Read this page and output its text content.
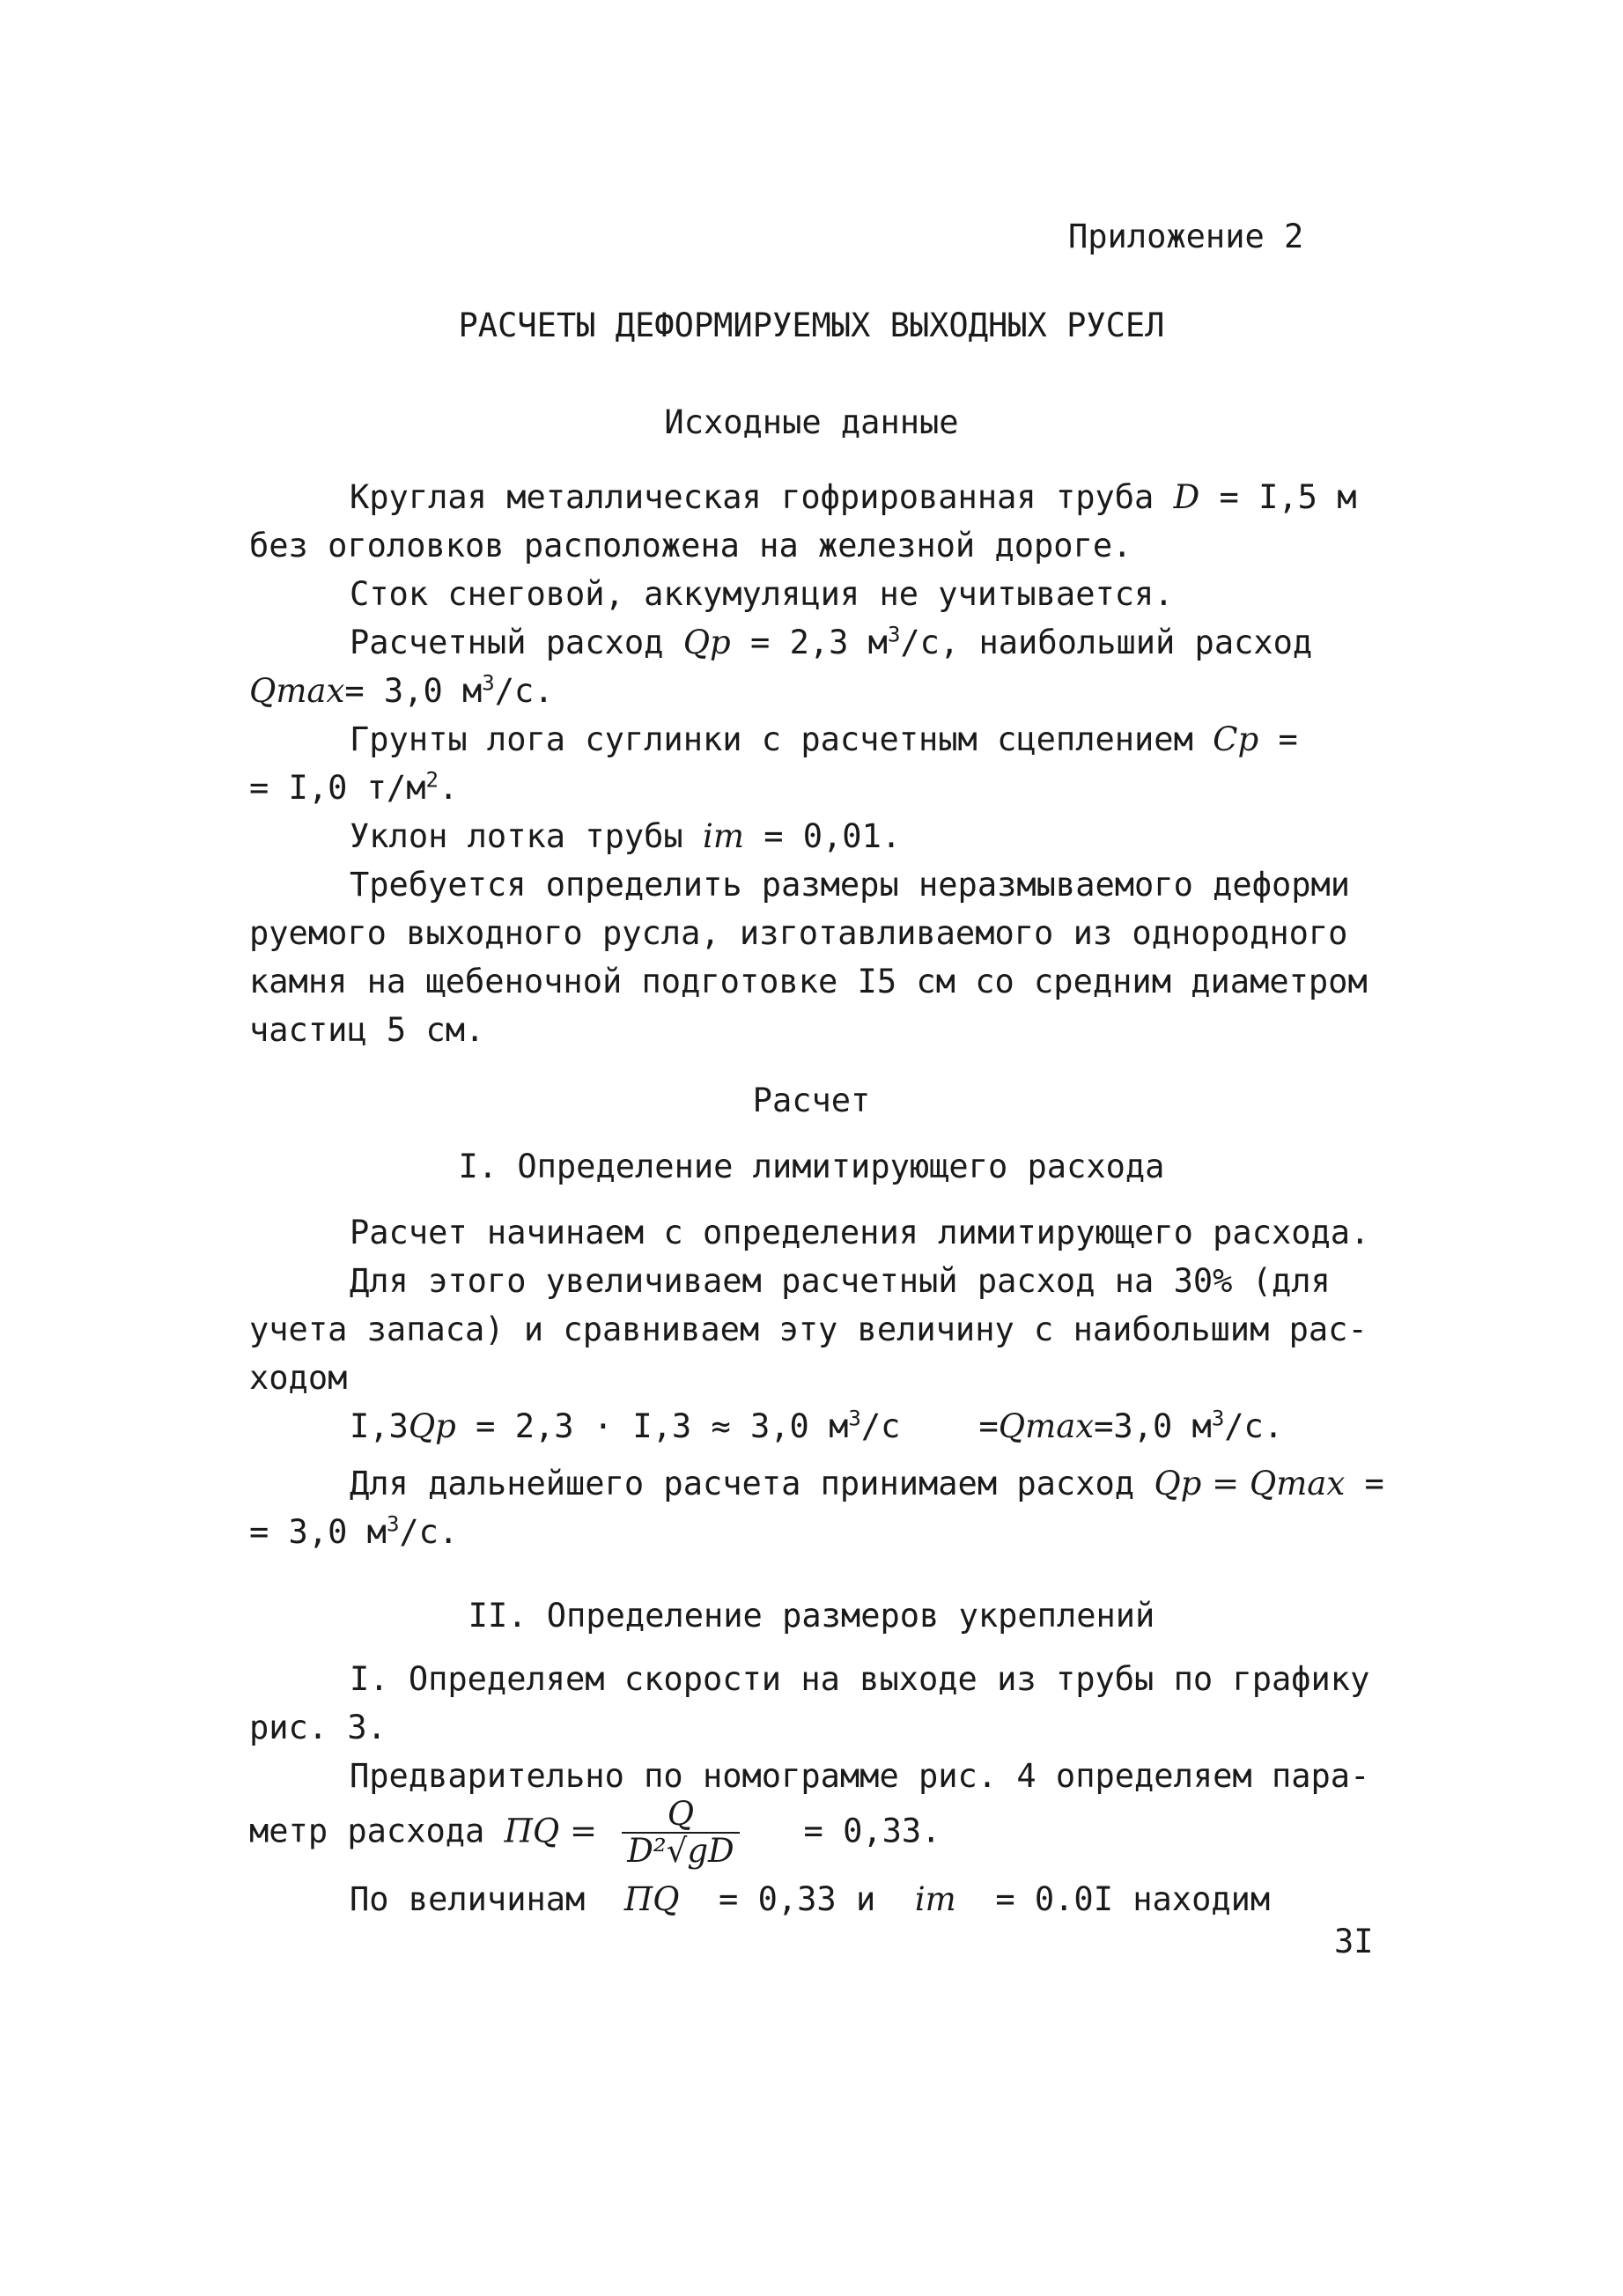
Приложение 2
РАСЧЕТЫ ДЕФОРМИРУЕМЫХ ВЫХОДНЫХ РУСЕЛ
Исходные данные
Круглая металлическая гофрированная труба D = I,5 м
без оголовков расположена на железной дороге.
Сток снеговой, аккумуляция не учитывается.
Расчетный расход Qр = 2,3 $м^3/с$, наибольший расход
Qmax= 3,0 $м^3/с$.
Грунты лога суглинки с расчетным сцеплением Ср =
= I,0 $т/м^2$.
Уклон лотка трубы iт = 0,01.
Требуется определить размеры неразмываемого деформи
руемого выходного русла, изготавливаемого из однородного
камня на щебеночной подготовке I5 см со средним диаметром
частиц 5 см.
Расчет
I. Определение лимитирующего расхода
Расчет начинаем с определения лимитирующего расхода.
Для этого увеличиваем расчетный расход на 30% (для
учета запаса) и сравниваем эту величину с наибольшим рас-
ходом
I,3Qр = 2,3 · I,3 ≈ 3,0 $м^3/с =Qmax=3,0$ $м^3/с$.
Для дальнейшего расчета принимаем расход Qр = Qmax =
= 3,0 $м^3/с$.
II. Определение размеров укреплений
I. Определяем скорости на выходе из трубы по графику
рис. 3.
Предварительно по номограмме рис. 4 определяем пара-
метр расхода ПQ = $\frac{Q}{\text{D²√gD}} = 0,33$.
По величинам ПQ = 0,33 и iт = 0.0I находим
3I
